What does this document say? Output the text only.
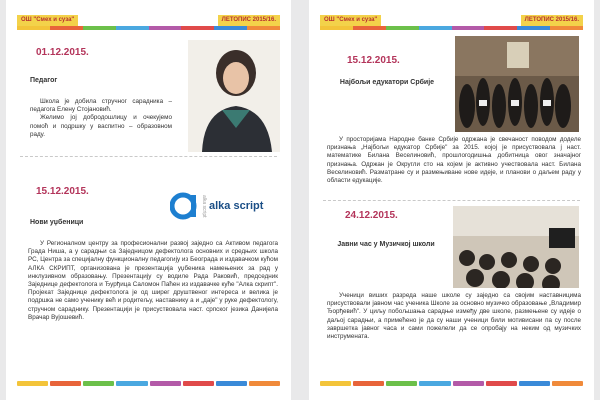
ОШ "Смех и суза"	ЛЕТОПИС 2015/16.
01.12.2015.
Педагог

Школа је добила стручног сарадника – педагога Елену Стојановић.

Желимо јој добродошлицу и очекујемо помоћ и подршку у васпитно – образовном раду.

15.12.2015.
Нови уџбеници
alka script alka script

У Регионалном центру за професионални развој заједно са Активом педагога Града Ниша, а у сарадњи са Заједницом дефектолога основних и средњих школа РС, Центра за специјалну функционалну педагогију из Београда и издавачком кућом АЛКА СКРИПТ, организована је презентација уџбеника намењених за рад у инклузивном образовању. Презентацију су водиле Рада Раковић, председник Заједнице дефектолога и Ђурђица Саломон Паћен из издавачке куће "Алка скрипт". Пројекат Заједнице дефектолога је од ширег друштвеног интереса и велика је подршка не само ученику већ и родитељу, наставнику а и „даје" у руке дефектологу, стручном сараднику. Презентацији је присуствовала наст. српског језика Данијела Врачар Вујошевић.

ОШ "Смех и суза"	ЛЕТОПИС 2015/16.
15.12.2015.
Најбољи едукатори Србије

У просторијама Народне банке Србије одржана је свечаност поводом доделе признања „Најбољи едукатор Србије" за 2015. којој је присуствовала ј наст. математике Билана Веселиновић, прошлогодишња добитница овог значајног признања. Одржан је Округли сто на којем је активно учествовала наст. Билана Веселиновић. Разматране су и размењиване нове идеје, и планови о даљем раду у области едукације.

24.12.2015.
Јавни час у Музичкој школи

Ученици виших разреда наше школе су заједно са својим наставницима присуствовали јавном час ученика Школе за основно музичко образовање „Владимир Ђорђевић". У циљу побољшања сарадње између две школе, размењене су идеје о даљој сарадњи, а примећено је да су наши ученици били мотивисани па су после завршетка јавног часа и сами пожелели да се опробају на неким од музичких инструмената.
